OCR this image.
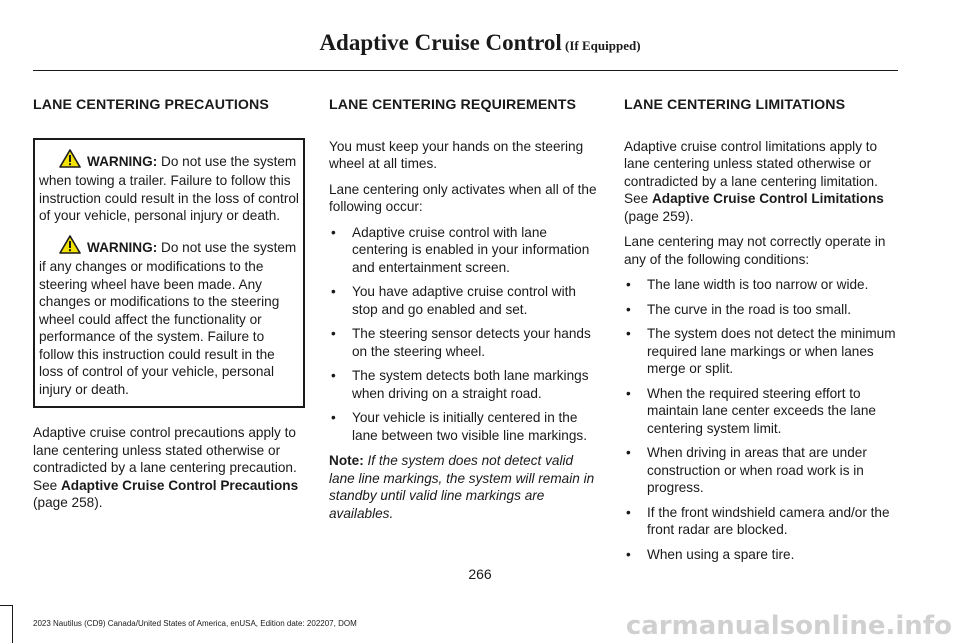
Adaptive Cruise Control (If Equipped)
LANE CENTERING PRECAUTIONS

WARNING: Do not use the system when towing a trailer. Failure to follow this instruction could result in the loss of control of your vehicle, personal injury or death.

WARNING: Do not use the system if any changes or modifications to the steering wheel have been made. Any changes or modifications to the steering wheel could affect the functionality or performance of the system. Failure to follow this instruction could result in the loss of control of your vehicle, personal injury or death.

Adaptive cruise control precautions apply to lane centering unless stated otherwise or contradicted by a lane centering precaution. See Adaptive Cruise Control Precautions (page 258).

LANE CENTERING REQUIREMENTS

You must keep your hands on the steering wheel at all times.

Lane centering only activates when all of the following occur:

• Adaptive cruise control with lane centering is enabled in your information and entertainment screen.
• You have adaptive cruise control with stop and go enabled and set.
• The steering sensor detects your hands on the steering wheel.
• The system detects both lane markings when driving on a straight road.
• Your vehicle is initially centered in the lane between two visible line markings.

Note: If the system does not detect valid lane line markings, the system will remain in standby until valid line markings are availables.

LANE CENTERING LIMITATIONS

Adaptive cruise control limitations apply to lane centering unless stated otherwise or contradicted by a lane centering limitation. See Adaptive Cruise Control Limitations (page 259).

Lane centering may not correctly operate in any of the following conditions:

• The lane width is too narrow or wide.
• The curve in the road is too small.
• The system does not detect the minimum required lane markings or when lanes merge or split.
• When the required steering effort to maintain lane center exceeds the lane centering system limit.
• When driving in areas that are under construction or when road work is in progress.
• If the front windshield camera and/or the front radar are blocked.
• When using a spare tire.
266
2023 Nautilus (CD9) Canada/United States of America, enUSA, Edition date: 202207, DOM	carmanualsonline.info
